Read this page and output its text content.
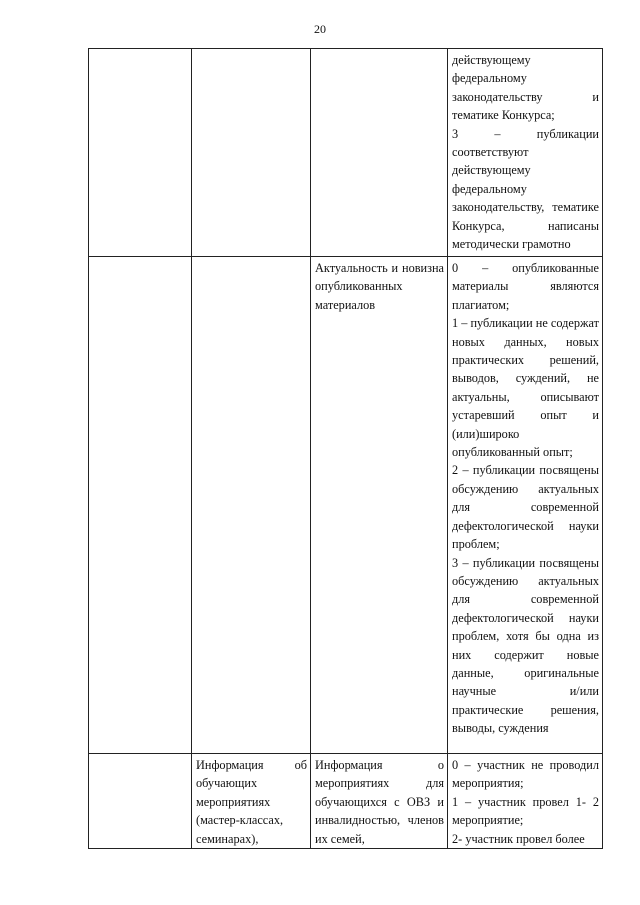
20

			действующему федеральному законодательству и тематике Конкурса;
3 – публикации соответствуют действующему федеральному законодательству, тематике Конкурса, написаны методически грамотно

		Актуальность и новизна опубликованных материалов	0 – опубликованные материалы являются плагиатом;
1 – публикации не содержат новых данных, новых практических решений, выводов, суждений, не актуальны, описывают устаревший опыт и (или)широко опубликованный опыт;
2 – публикации посвящены обсуждению актуальных для современной дефектологической науки проблем;
3 – публикации посвящены обсуждению актуальных для современной дефектологической науки проблем, хотя бы одна из них содержит новые данные, оригинальные научные и/или практические решения, выводы, суждения

	Информация об обучающих мероприятиях (мастер-классах, семинарах),	Информация о мероприятиях для обучающихся с ОВЗ и инвалидностью, членов их семей,	0 – участник не проводил мероприятия;
1 – участник провел 1- 2 мероприятие;
2- участник провел более
